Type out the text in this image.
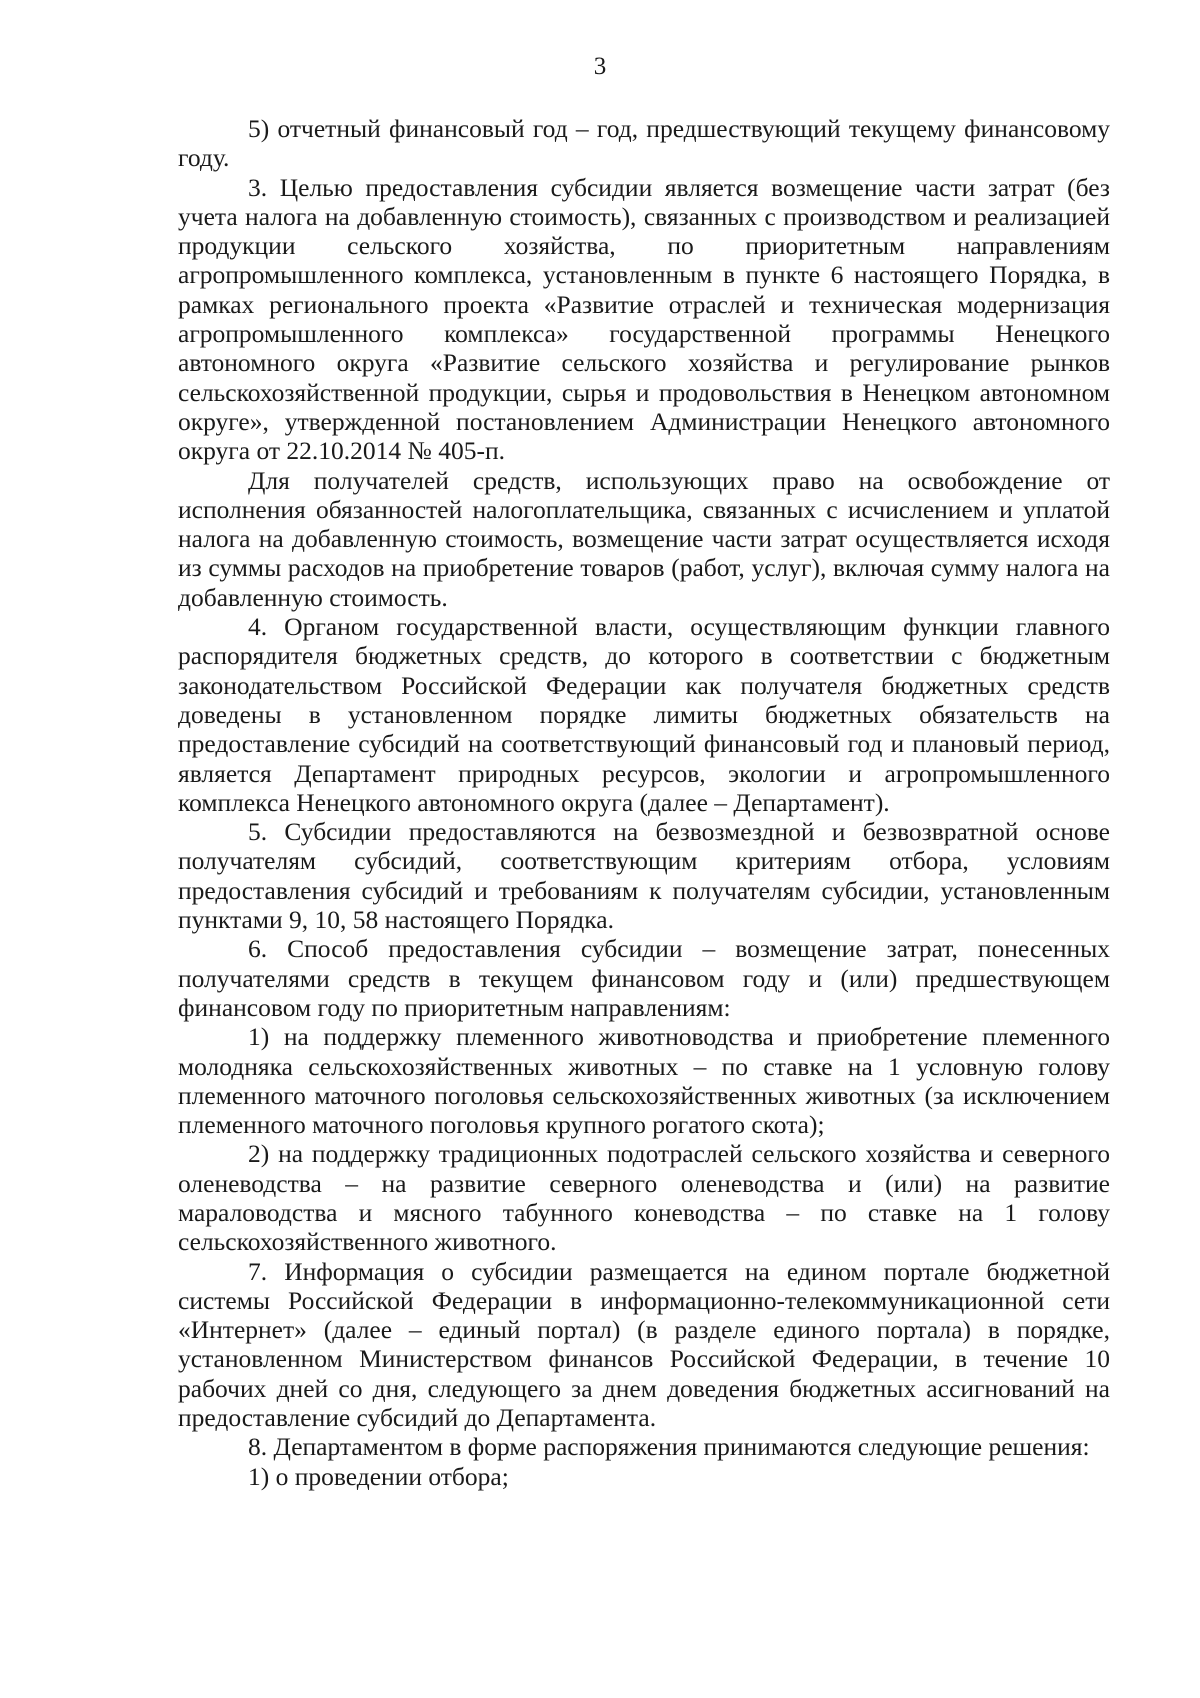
3

5) отчетный финансовый год – год, предшествующий текущему финансовому году.

3. Целью предоставления субсидии является возмещение части затрат (без учета налога на добавленную стоимость), связанных с производством и реализацией продукции сельского хозяйства, по приоритетным направлениям агропромышленного комплекса, установленным в пункте 6 настоящего Порядка, в рамках регионального проекта «Развитие отраслей и техническая модернизация агропромышленного комплекса» государственной программы Ненецкого автономного округа «Развитие сельского хозяйства и регулирование рынков сельскохозяйственной продукции, сырья и продовольствия в Ненецком автономном округе», утвержденной постановлением Администрации Ненецкого автономного округа от 22.10.2014 № 405-п.

Для получателей средств, использующих право на освобождение от исполнения обязанностей налогоплательщика, связанных с исчислением и уплатой налога на добавленную стоимость, возмещение части затрат осуществляется исходя из суммы расходов на приобретение товаров (работ, услуг), включая сумму налога на добавленную стоимость.

4. Органом государственной власти, осуществляющим функции главного распорядителя бюджетных средств, до которого в соответствии с бюджетным законодательством Российской Федерации как получателя бюджетных средств доведены в установленном порядке лимиты бюджетных обязательств на предоставление субсидий на соответствующий финансовый год и плановый период, является Департамент природных ресурсов, экологии и агропромышленного комплекса Ненецкого автономного округа (далее – Департамент).

5. Субсидии предоставляются на безвозмездной и безвозвратной основе получателям субсидий, соответствующим критериям отбора, условиям предоставления субсидий и требованиям к получателям субсидии, установленным пунктами 9, 10, 58 настоящего Порядка.

6. Способ предоставления субсидии – возмещение затрат, понесенных получателями средств в текущем финансовом году и (или) предшествующем финансовом году по приоритетным направлениям:

1) на поддержку племенного животноводства и приобретение племенного молодняка сельскохозяйственных животных – по ставке на 1 условную голову племенного маточного поголовья сельскохозяйственных животных (за исключением племенного маточного поголовья крупного рогатого скота);

2) на поддержку традиционных подотраслей сельского хозяйства и северного оленеводства – на развитие северного оленеводства и (или) на развитие мараловодства и мясного табунного коневодства – по ставке на 1 голову сельскохозяйственного животного.

7. Информация о субсидии размещается на едином портале бюджетной системы Российской Федерации в информационно-телекоммуникационной сети «Интернет» (далее – единый портал) (в разделе единого портала) в порядке, установленном Министерством финансов Российской Федерации, в течение 10 рабочих дней со дня, следующего за днем доведения бюджетных ассигнований на предоставление субсидий до Департамента.

8. Департаментом в форме распоряжения принимаются следующие решения:

1) о проведении отбора;
